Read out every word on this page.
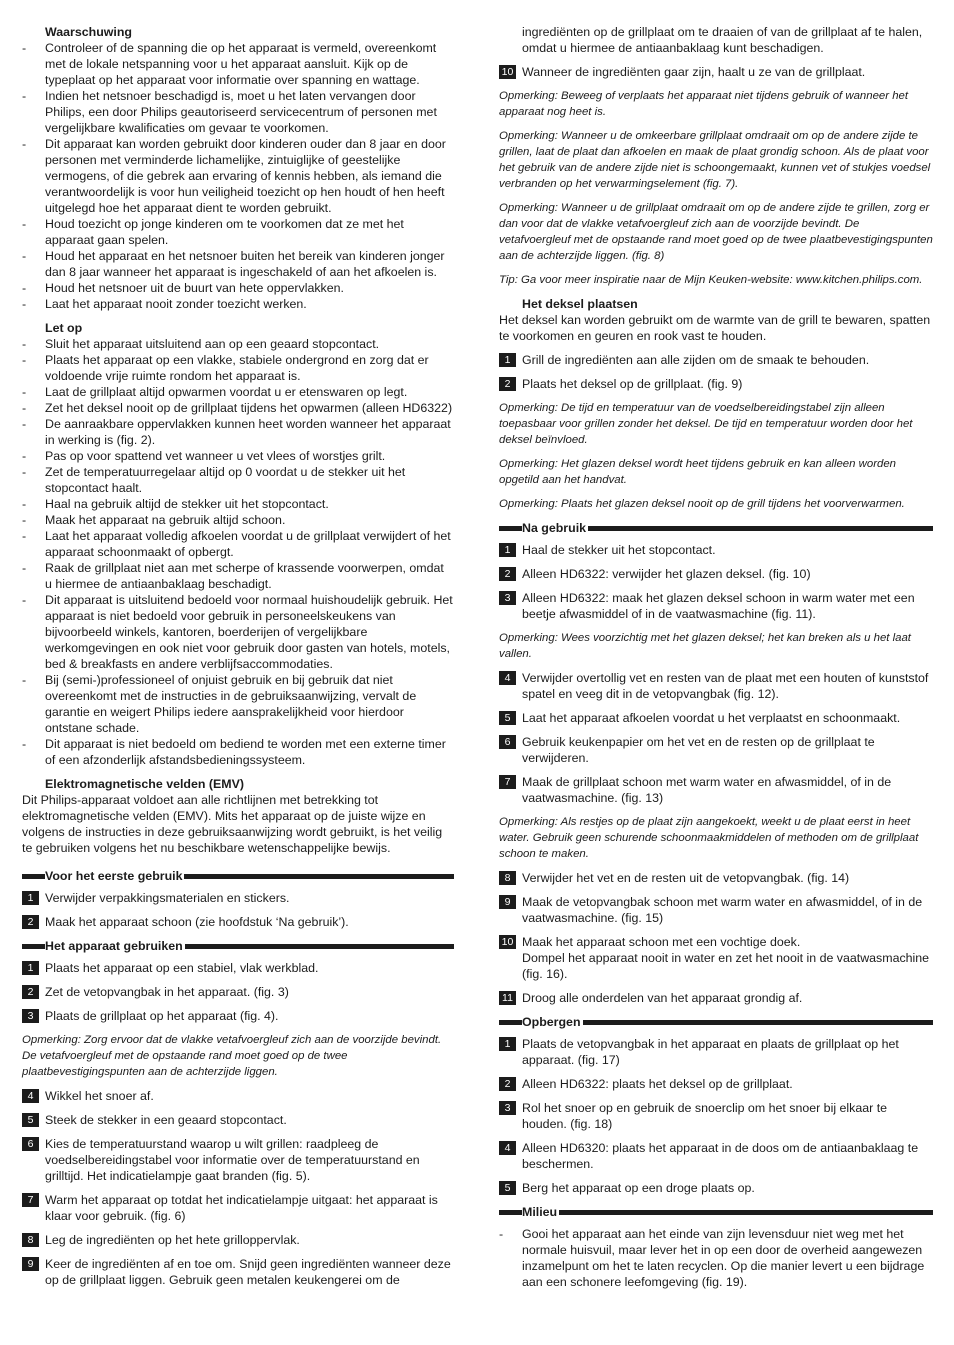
Waarschuwing

- Controleer of de spanning die op het apparaat is vermeld, overeenkomt met de lokale netspanning voor u het apparaat aansluit. Kijk op de typeplaat op het apparaat voor informatie over spanning en wattage.
- Indien het netsnoer beschadigd is, moet u het laten vervangen door Philips, een door Philips geautoriseerd servicecentrum of personen met vergelijkbare kwalificaties om gevaar te voorkomen.
- Dit apparaat kan worden gebruikt door kinderen ouder dan 8 jaar en door personen met verminderde lichamelijke, zintuiglijke of geestelijke vermogens, of die gebrek aan ervaring of kennis hebben, als iemand die verantwoordelijk is voor hun veiligheid toezicht op hen houdt of hen heeft uitgelegd hoe het apparaat dient te worden gebruikt.
- Houd toezicht op jonge kinderen om te voorkomen dat ze met het apparaat gaan spelen.
- Houd het apparaat en het netsnoer buiten het bereik van kinderen jonger dan 8 jaar wanneer het apparaat is ingeschakeld of aan het afkoelen is.
- Houd het netsnoer uit de buurt van hete oppervlakken.
- Laat het apparaat nooit zonder toezicht werken.

Let op

- Sluit het apparaat uitsluitend aan op een geaard stopcontact.
- Plaats het apparaat op een vlakke, stabiele ondergrond en zorg dat er voldoende vrije ruimte rondom het apparaat is.
- Laat de grillplaat altijd opwarmen voordat u er etenswaren op legt.
- Zet het deksel nooit op de grillplaat tijdens het opwarmen (alleen HD6322)
- De aanraakbare oppervlakken kunnen heet worden wanneer het apparaat in werking is (fig. 2).
- Pas op voor spattend vet wanneer u vet vlees of worstjes grilt.
- Zet de temperatuurregelaar altijd op 0 voordat u de stekker uit het stopcontact haalt.
- Haal na gebruik altijd de stekker uit het stopcontact.
- Maak het apparaat na gebruik altijd schoon.
- Laat het apparaat volledig afkoelen voordat u de grillplaat verwijdert of het apparaat schoonmaakt of opbergt.
- Raak de grillplaat niet aan met scherpe of krassende voorwerpen, omdat u hiermee de antiaanbaklaag beschadigt.
- Dit apparaat is uitsluitend bedoeld voor normaal huishoudelijk gebruik. Het apparaat is niet bedoeld voor gebruik in personeelskeukens van bijvoorbeeld winkels, kantoren, boerderijen of vergelijkbare werkomgevingen en ook niet voor gebruik door gasten van hotels, motels, bed & breakfasts en andere verblijfsaccommodaties.
- Bij (semi-)professioneel of onjuist gebruik en bij gebruik dat niet overeenkomt met de instructies in de gebruiksaanwijzing, vervalt de garantie en weigert Philips iedere aansprakelijkheid voor hierdoor ontstane schade.
- Dit apparaat is niet bedoeld om bediend te worden met een externe timer of een afzonderlijk afstandsbedieningssysteem.

Elektromagnetische velden (EMV)

Dit Philips-apparaat voldoet aan alle richtlijnen met betrekking tot elektromagnetische velden (EMV). Mits het apparaat op de juiste wijze en volgens de instructies in deze gebruiksaanwijzing wordt gebruikt, is het veilig te gebruiken volgens het nu beschikbare wetenschappelijke bewijs.

Voor het eerste gebruik
1 Verwijder verpakkingsmaterialen en stickers.
2 Maak het apparaat schoon (zie hoofdstuk ‘Na gebruik’).
Het apparaat gebruiken
1 Plaats het apparaat op een stabiel, vlak werkblad.
2 Zet de vetopvangbak in het apparaat. (fig. 3)
3 Plaats de grillplaat op het apparaat (fig. 4).

Opmerking: Zorg ervoor dat de vlakke vetafvoergleuf zich aan de voorzijde bevindt. De vetafvoergleuf met de opstaande rand moet goed op de twee plaatbevestigingspunten aan de achterzijde liggen.

4 Wikkel het snoer af.
5 Steek de stekker in een geaard stopcontact.
6 Kies de temperatuurstand waarop u wilt grillen: raadpleeg de voedselbereidingstabel voor informatie over de temperatuurstand en grilltijd. Het indicatielampje gaat branden (fig. 5).
7 Warm het apparaat op totdat het indicatielampje uitgaat: het apparaat is klaar voor gebruik. (fig. 6)
8 Leg de ingrediënten op het hete grilloppervlak.
9 Keer de ingrediënten af en toe om. Snijd geen ingrediënten wanneer deze op de grillplaat liggen. Gebruik geen metalen keukengerei om de

ingrediënten op de grillplaat om te draaien of van de grillplaat af te halen, omdat u hiermee de antiaanbaklaag kunt beschadigen.

10 Wanneer de ingrediënten gaar zijn, haalt u ze van de grillplaat.

Opmerking: Beweeg of verplaats het apparaat niet tijdens gebruik of wanneer het apparaat nog heet is.

Opmerking: Wanneer u de omkeerbare grillplaat omdraait om op de andere zijde te grillen, laat de plaat dan afkoelen en maak de plaat grondig schoon. Als de plaat voor het gebruik van de andere zijde niet is schoongemaakt, kunnen vet of stukjes voedsel verbranden op het verwarmingselement (fig. 7).

Opmerking: Wanneer u de grillplaat omdraait om op de andere zijde te grillen, zorg er dan voor dat de vlakke vetafvoergleuf zich aan de voorzijde bevindt. De vetafvoergleuf met de opstaande rand moet goed op de twee plaatbevestigingspunten aan de achterzijde liggen. (fig. 8)

Tip: Ga voor meer inspiratie naar de Mijn Keuken-website: www.kitchen.philips.com.

Het deksel plaatsen

Het deksel kan worden gebruikt om de warmte van de grill te bewaren, spatten te voorkomen en geuren en rook vast te houden.

1 Grill de ingrediënten aan alle zijden om de smaak te behouden.
2 Plaats het deksel op de grillplaat. (fig. 9)

Opmerking: De tijd en temperatuur van de voedselbereidingstabel zijn alleen toepasbaar voor grillen zonder het deksel. De tijd en temperatuur worden door het deksel beïnvloed.

Opmerking: Het glazen deksel wordt heet tijdens gebruik en kan alleen worden opgetild aan het handvat.

Opmerking: Plaats het glazen deksel nooit op de grill tijdens het voorverwarmen.

Na gebruik
1 Haal de stekker uit het stopcontact.
2 Alleen HD6322: verwijder het glazen deksel. (fig. 10)
3 Alleen HD6322: maak het glazen deksel schoon in warm water met een beetje afwasmiddel of in de vaatwasmachine (fig. 11).

Opmerking: Wees voorzichtig met het glazen deksel; het kan breken als u het laat vallen.

4 Verwijder overtollig vet en resten van de plaat met een houten of kunststof spatel en veeg dit in de vetopvangbak (fig. 12).
5 Laat het apparaat afkoelen voordat u het verplaatst en schoonmaakt.
6 Gebruik keukenpapier om het vet en de resten op de grillplaat te verwijderen.
7 Maak de grillplaat schoon met warm water en afwasmiddel, of in de vaatwasmachine. (fig. 13)

Opmerking: Als restjes op de plaat zijn aangekoekt, weekt u de plaat eerst in heet water. Gebruik geen schurende schoonmaakmiddelen of methoden om de grillplaat schoon te maken.

8 Verwijder het vet en de resten uit de vetopvangbak. (fig. 14)
9 Maak de vetopvangbak schoon met warm water en afwasmiddel, of in de vaatwasmachine. (fig. 15)
10 Maak het apparaat schoon met een vochtige doek.
Dompel het apparaat nooit in water en zet het nooit in de vaatwasmachine (fig. 16).
11 Droog alle onderdelen van het apparaat grondig af.
Opbergen
1 Plaats de vetopvangbak in het apparaat en plaats de grillplaat op het apparaat. (fig. 17)
2 Alleen HD6322: plaats het deksel op de grillplaat.
3 Rol het snoer op en gebruik de snoerclip om het snoer bij elkaar te houden. (fig. 18)
4 Alleen HD6320: plaats het apparaat in de doos om de antiaanbaklaag te beschermen.
5 Berg het apparaat op een droge plaats op.
Milieu
- Gooi het apparaat aan het einde van zijn levensduur niet weg met het normale huisvuil, maar lever het in op een door de overheid aangewezen inzamelpunt om het te laten recyclen. Op die manier levert u een bijdrage aan een schonere leefomgeving (fig. 19).
